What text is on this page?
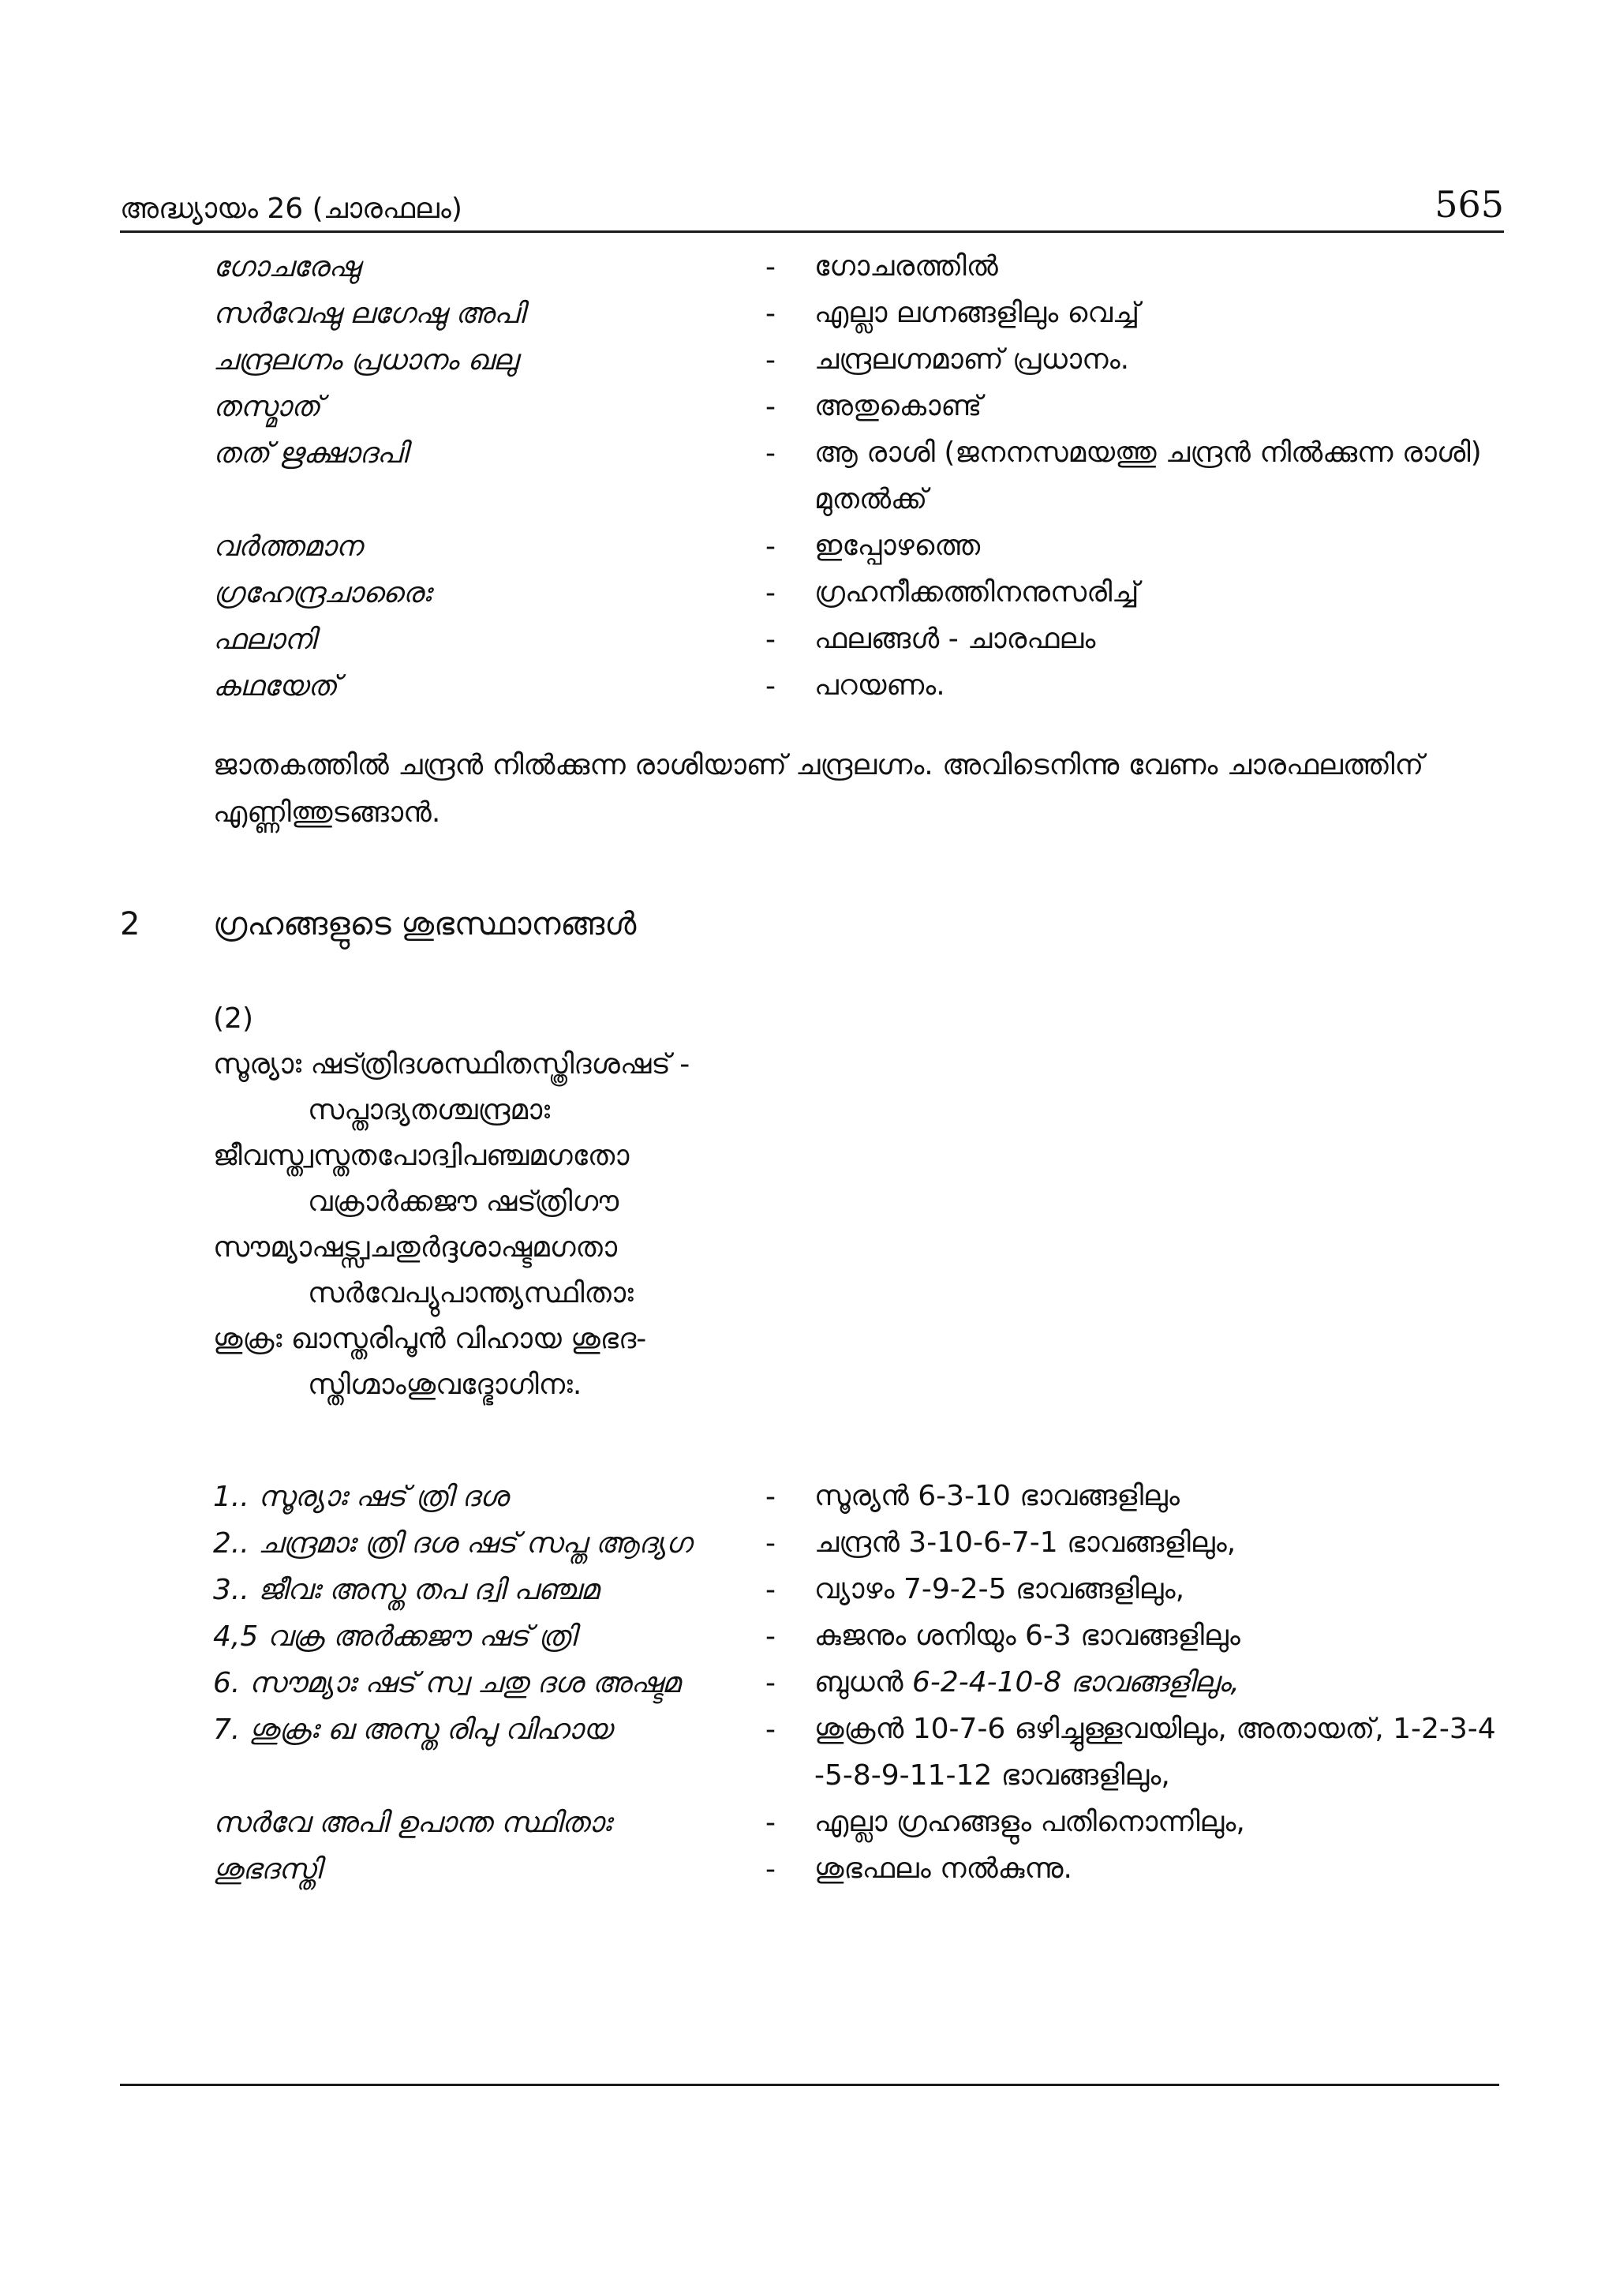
അദ്ധ്യായം 26 (ചാരഫലം)	565
ഗോചരേഷു	- ഗോചരത്തിൽ
സർവേഷു ലഗേഷു അപി	- എല്ലാ ലഗ്നങ്ങളിലും വെച്ച്
ചന്ദ്രലഗ്നം പ്രധാനം ഖലു	- ചന്ദ്രലഗ്നമാണ് പ്രധാനം.
തസ്മാത്	- അതുകൊണ്ട്
തത് ഋക്ഷാദപി	- ആ രാശി (ജനനസമയത്തു ചന്ദ്രൻ നിൽക്കുന്ന രാശി) മുതൽക്ക്
വർത്തമാന	- ഇപ്പോഴത്തെ
ഗ്രഹേന്ദ്രചാരൈഃ	- ഗ്രഹനീക്കത്തിനനുസരിച്ച്
ഫലാനി	- ഫലങ്ങൾ - ചാരഫലം
കഥയേത്	- പറയണം.

ജാതകത്തിൽ ചന്ദ്രൻ നിൽക്കുന്ന രാശിയാണ് ചന്ദ്രലഗ്നം. അവിടെനിന്നു വേണം ചാരഫലത്തിന് എണ്ണിത്തുടങ്ങാൻ.

2 ഗ്രഹങ്ങളുടെ ശുഭസ്ഥാനങ്ങൾ
(2)
സൂര്യാഃ ഷട്ത്രിദശസ്ഥിതസ്ത്രിദശഷട് -
സപ്താദ്യതശ്ചന്ദ്രമാഃ
ജീവസ്ത്വസ്തതപോദ്വിപഞ്ചമഗതോ
വക്രാർക്കജൗ ഷട്ത്രിഗൗ
സൗമ്യാഷട്സ്വചതുർദ്ദശാഷ്ടമഗതാ
സർവേപ്യുപാന്ത്യസ്ഥിതാഃ
ശുക്രഃ ഖാസ്തരിപൂൻ വിഹായ ശുഭദ-
സ്തിഗ്മാംശുവദ്ഭോഗിനഃ.
1.. സൂര്യാഃ ഷട് ത്രി ദശ	- സൂര്യൻ 6-3-10 ഭാവങ്ങളിലും
2.. ചന്ദ്രമാഃ ത്രി ദശ ഷട് സപ്ത ആദ്യഗ	- ചന്ദ്രൻ 3-10-6-7-1 ഭാവങ്ങളിലും,
3.. ജീവഃ അസ്ത തപ ദ്വി പഞ്ചമ	- വ്യാഴം 7-9-2-5 ഭാവങ്ങളിലും,
4,5 വക്ര അർക്കജൗ ഷട് ത്രി	- കുജനും ശനിയും 6-3 ഭാവങ്ങളിലും
6. സൗമ്യാഃ ഷട് സ്വ ചതു ദശ അഷ്ടമ	- ബുധൻ 6-2-4-10-8 ഭാവങ്ങളിലും,
7. ശുക്രഃ ഖ അസ്ത രിപു വിഹായ	- ശുക്രൻ 10-7-6 ഒഴിച്ചുള്ളവയിലും, അതായത്, 1-2-3-4 -5-8-9-11-12 ഭാവങ്ങളിലും,
സർവേ അപി ഉപാന്ത സ്ഥിതാഃ	- എല്ലാ ഗ്രഹങ്ങളും പതിനൊന്നിലും,
ശുഭദസ്തി	- ശുഭഫലം നൽകുന്നു.
